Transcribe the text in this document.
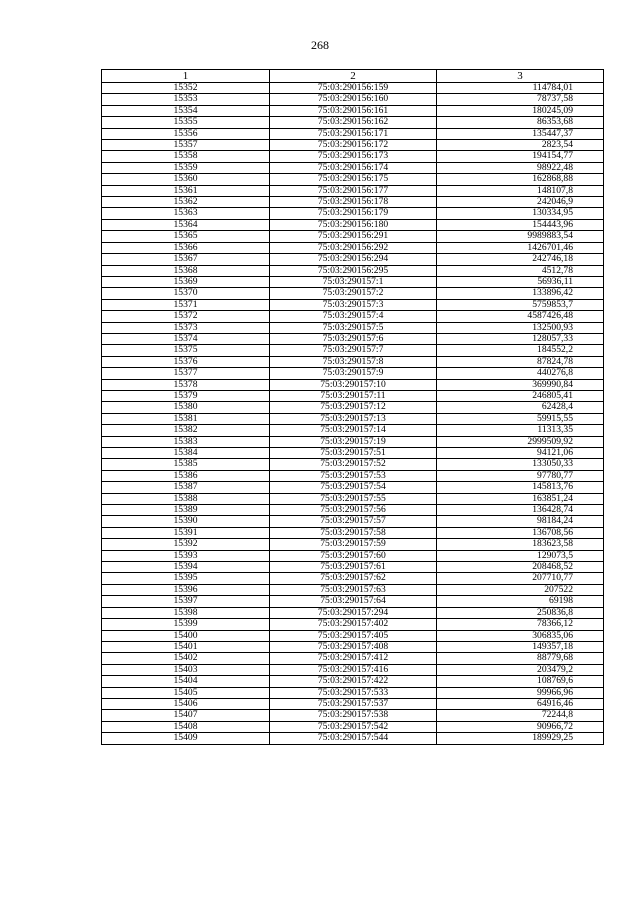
268
1	2	3
15352	75:03:290156:159	114784,01
15353	75:03:290156:160	78737,58
15354	75:03:290156:161	180245,09
15355	75:03:290156:162	86353,68
15356	75:03:290156:171	135447,37
15357	75:03:290156:172	2823,54
15358	75:03:290156:173	194154,77
15359	75:03:290156:174	98922,48
15360	75:03:290156:175	162868,88
15361	75:03:290156:177	148107,8
15362	75:03:290156:178	242046,9
15363	75:03:290156:179	130334,95
15364	75:03:290156:180	154443,96
15365	75:03:290156:291	9989883,54
15366	75:03:290156:292	1426701,46
15367	75:03:290156:294	242746,18
15368	75:03:290156:295	4512,78
15369	75:03:290157:1	56936,11
15370	75:03:290157:2	133896,42
15371	75:03:290157:3	5759853,7
15372	75:03:290157:4	4587426,48
15373	75:03:290157:5	132500,93
15374	75:03:290157:6	128057,33
15375	75:03:290157:7	184552,2
15376	75:03:290157:8	87824,78
15377	75:03:290157:9	440276,8
15378	75:03:290157:10	369990,84
15379	75:03:290157:11	246805,41
15380	75:03:290157:12	62428,4
15381	75:03:290157:13	59915,55
15382	75:03:290157:14	11313,35
15383	75:03:290157:19	2999509,92
15384	75:03:290157:51	94121,06
15385	75:03:290157:52	133050,33
15386	75:03:290157:53	97780,77
15387	75:03:290157:54	145813,76
15388	75:03:290157:55	163851,24
15389	75:03:290157:56	136428,74
15390	75:03:290157:57	98184,24
15391	75:03:290157:58	136708,56
15392	75:03:290157:59	183623,58
15393	75:03:290157:60	129073,5
15394	75:03:290157:61	208468,52
15395	75:03:290157:62	207710,77
15396	75:03:290157:63	207522
15397	75:03:290157:64	69198
15398	75:03:290157:294	250836,8
15399	75:03:290157:402	78366,12
15400	75:03:290157:405	306835,06
15401	75:03:290157:408	149357,18
15402	75:03:290157:412	88779,68
15403	75:03:290157:416	203479,2
15404	75:03:290157:422	108769,6
15405	75:03:290157:533	99966,96
15406	75:03:290157:537	64916,46
15407	75:03:290157:538	72244,8
15408	75:03:290157:542	90966,72
15409	75:03:290157:544	189929,25
